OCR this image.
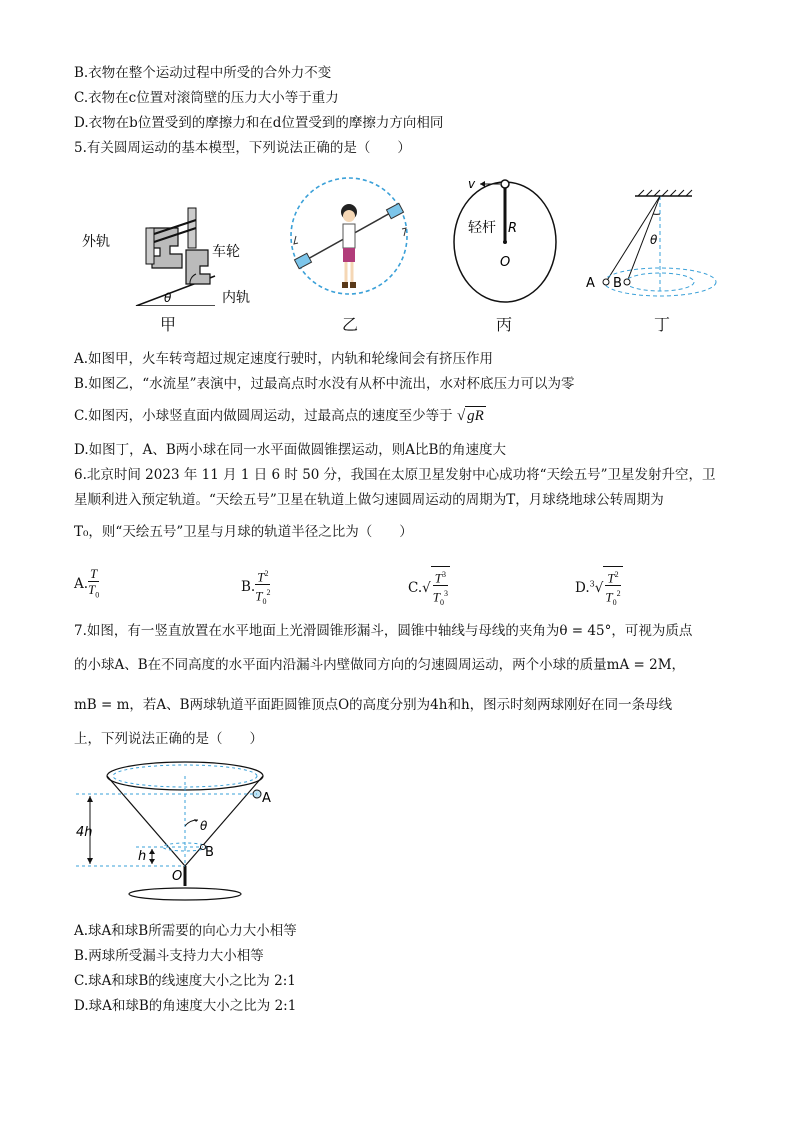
B.衣物在整个运动过程中所受的合外力不变
C.衣物在c位置对滚筒壁的压力大小等于重力
D.衣物在b位置受到的摩擦力和在d位置受到的摩擦力方向相同
5.有关圆周运动的基本模型，下列说法正确的是（　　）
外轨
车轮
内轨
θ
v
轻杆 R
O
A B
θ
甲	乙	丙	丁
A.如图甲，火车转弯超过规定速度行驶时，内轨和轮缘间会有挤压作用
B.如图乙，“水流星”表演中，过最高点时水没有从杯中流出，水对杯底压力可以为零
C.如图丙，小球竖直面内做圆周运动，过最高点的速度至少等于 √ gR
D.如图丁，A、B两小球在同一水平面做圆锥摆运动，则A比B的角速度大
6.北京时间 2023 年 11 月 1 日 6 时 50 分，我国在太原卫星发射中心成功将“天绘五号”卫星发射升空，卫
星顺利进入预定轨道。“天绘五号”卫星在轨道上做匀速圆周运动的周期为T，月球绕地球公转周期为
T₀，则“天绘五号”卫星与月球的轨道半径之比为（　　）
A. $\frac{T}{T_0}$	B. $\frac{T^2}{T_0^2}$	$C.√ \frac{T^3}{T_0^3}$	$D.^3√ \frac{T^2}{T_0^2}$
7.如图，有一竖直放置在水平地面上光滑圆锥形漏斗，圆锥中轴线与母线的夹角为θ = 45°，可视为质点
的小球A、B在不同高度的水平面内沿漏斗内壁做同方向的匀速圆周运动，两个小球的质量mA = 2M，
mB = m，若A、B两球轨道平面距圆锥顶点O的高度分别为4h和h，图示时刻两球刚好在同一条母线
上，下列说法正确的是（　　）
A
B
θ
4h
h
O
A.球A和球B所需要的向心力大小相等
B.两球所受漏斗支持力大小相等
C.球A和球B的线速度大小之比为 2:1
D.球A和球B的角速度大小之比为 2:1
